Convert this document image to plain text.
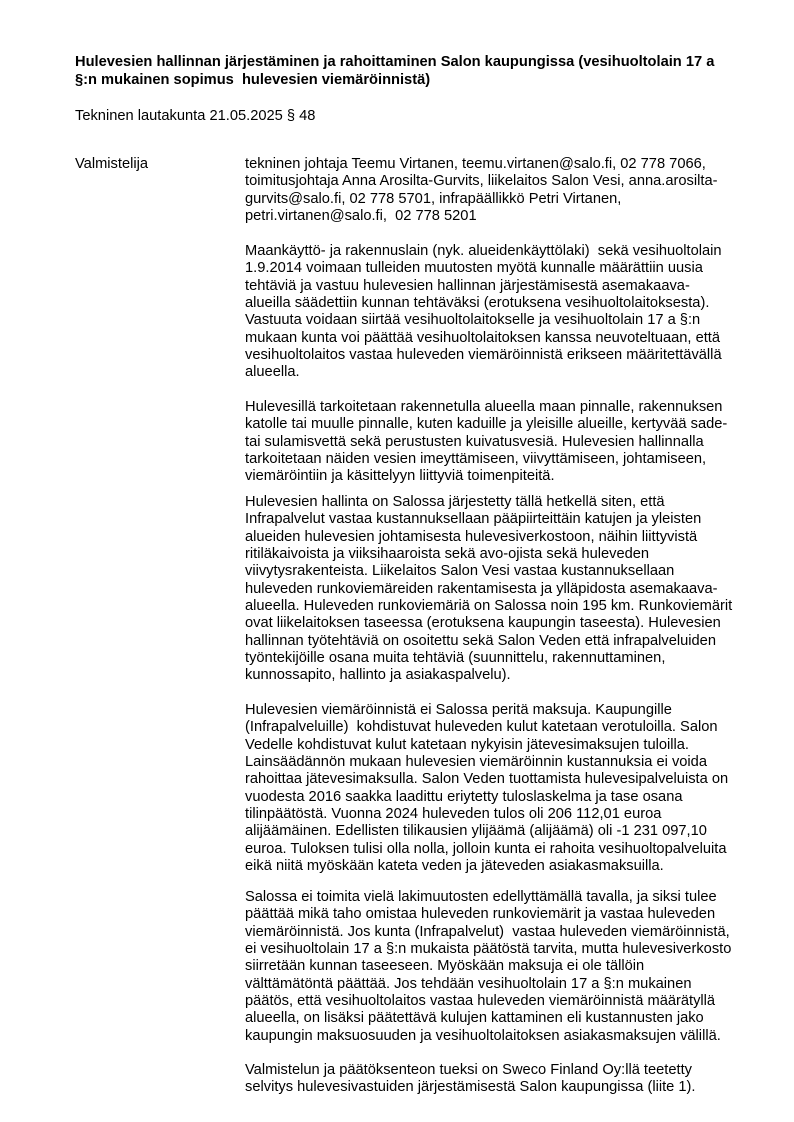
Hulevesien hallinnan järjestäminen ja rahoittaminen Salon kaupungissa (vesihuoltolain 17 a
§:n mukainen sopimus  hulevesien viemäröinnistä)
Tekninen lautakunta 21.05.2025 § 48
Valmistelija	tekninen johtaja Teemu Virtanen, teemu.virtanen@salo.fi, 02 778 7066,
toimitusjohtaja Anna Arosilta-Gurvits, liikelaitos Salon Vesi, anna.arosilta-
gurvits@salo.fi, 02 778 5701, infrapäällikkö Petri Virtanen,
petri.virtanen@salo.fi,  02 778 5201
Maankäyttö- ja rakennuslain (nyk. alueidenkäyttölaki)  sekä vesihuoltolain
1.9.2014 voimaan tulleiden muutosten myötä kunnalle määrättiin uusia
tehtäviä ja vastuu hulevesien hallinnan järjestämisestä asemakaava-
alueilla säädettiin kunnan tehtäväksi (erotuksena vesihuoltolaitoksesta).
Vastuuta voidaan siirtää vesihuoltolaitokselle ja vesihuoltolain 17 a §:n
mukaan kunta voi päättää vesihuoltolaitoksen kanssa neuvoteltuaan, että
vesihuoltolaitos vastaa huleveden viemäröinnistä erikseen määritettävällä
alueella.
Hulevesillä tarkoitetaan rakennetulla alueella maan pinnalle, rakennuksen
katolle tai muulle pinnalle, kuten kaduille ja yleisille alueille, kertyvää sade-
tai sulamisvettä sekä perustusten kuivatusvesiä. Hulevesien hallinnalla
tarkoitetaan näiden vesien imeyttämiseen, viivyttämiseen, johtamiseen,
viemäröintiin ja käsittelyyn liittyviä toimenpiteitä.
Hulevesien hallinta on Salossa järjestetty tällä hetkellä siten, että
Infrapalvelut vastaa kustannuksellaan pääpiirteittäin katujen ja yleisten
alueiden hulevesien johtamisesta hulevesiverkostoon, näihin liittyvistä
ritiläkaivoista ja viiksihaaroista sekä avo-ojista sekä huleveden
viivytysrakenteista. Liikelaitos Salon Vesi vastaa kustannuksellaan
huleveden runkoviemäreiden rakentamisesta ja ylläpidosta asemakaava-
alueella. Huleveden runkoviemäriä on Salossa noin 195 km. Runkoviemärit
ovat liikelaitoksen taseessa (erotuksena kaupungin taseesta). Hulevesien
hallinnan työtehtäviä on osoitettu sekä Salon Veden että infrapalveluiden
työntekijöille osana muita tehtäviä (suunnittelu, rakennuttaminen,
kunnossapito, hallinto ja asiakaspalvelu).
Hulevesien viemäröinnistä ei Salossa peritä maksuja. Kaupungille
(Infrapalveluille)  kohdistuvat huleveden kulut katetaan verotuloilla. Salon
Vedelle kohdistuvat kulut katetaan nykyisin jätevesimaksujen tuloilla.
Lainsäädännön mukaan hulevesien viemäröinnin kustannuksia ei voida
rahoittaa jätevesimaksulla. Salon Veden tuottamista hulevesipalveluista on
vuodesta 2016 saakka laadittu eriytetty tuloslaskelma ja tase osana
tilinpäätöstä. Vuonna 2024 huleveden tulos oli 206 112,01 euroa
alijäämäinen. Edellisten tilikausien ylijäämä (alijäämä) oli -1 231 097,10
euroa. Tuloksen tulisi olla nolla, jolloin kunta ei rahoita vesihuoltopalveluita
eikä niitä myöskään kateta veden ja jäteveden asiakasmaksuilla.
Salossa ei toimita vielä lakimuutosten edellyttämällä tavalla, ja siksi tulee
päättää mikä taho omistaa huleveden runkoviemärit ja vastaa huleveden
viemäröinnistä. Jos kunta (Infrapalvelut)  vastaa huleveden viemäröinnistä,
ei vesihuoltolain 17 a §:n mukaista päätöstä tarvita, mutta hulevesiverkosto
siirretään kunnan taseeseen. Myöskään maksuja ei ole tällöin
välttämätöntä päättää. Jos tehdään vesihuoltolain 17 a §:n mukainen
päätös, että vesihuoltolaitos vastaa huleveden viemäröinnistä määrätyllä
alueella, on lisäksi päätettävä kulujen kattaminen eli kustannusten jako
kaupungin maksuosuuden ja vesihuoltolaitoksen asiakasmaksujen välillä.
Valmistelun ja päätöksenteon tueksi on Sweco Finland Oy:llä teetetty
selvitys hulevesivastuiden järjestämisestä Salon kaupungissa (liite 1).
